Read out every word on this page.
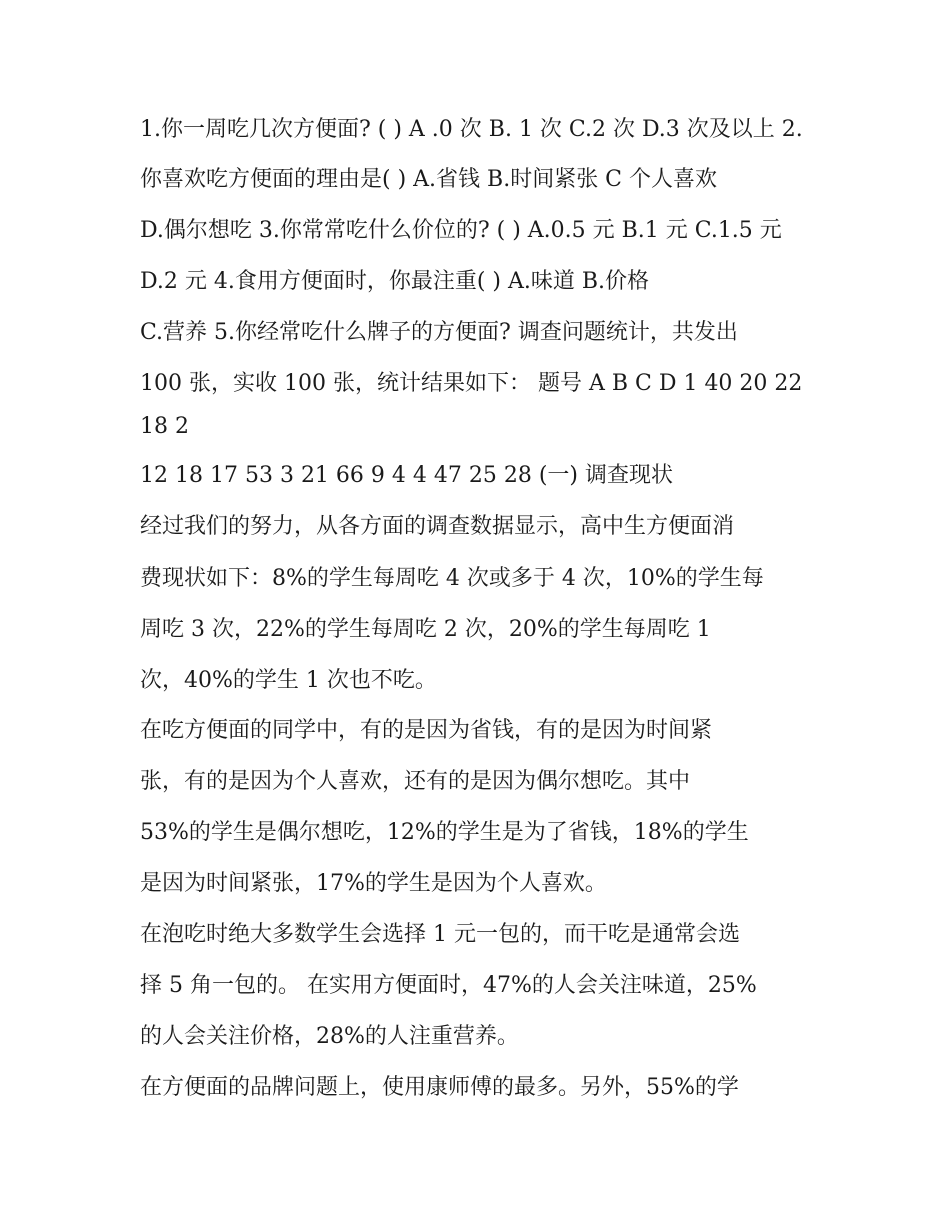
1.你一周吃几次方便面? ( ) A .0 次 B. 1 次 C.2 次 D.3 次及以上 2.
你喜欢吃方便面的理由是( ) A.省钱 B.时间紧张 C 个人喜欢
D.偶尔想吃 3.你常常吃什么价位的? ( ) A.0.5 元 B.1 元 C.1.5 元
D.2 元 4.食用方便面时，你最注重( ) A.味道 B.价格
C.营养 5.你经常吃什么牌子的方便面? 调查问题统计，共发出
100 张，实收 100 张，统计结果如下： 题号 A B C D 1 40 20 22
18 2
12 18 17 53 3 21 66 9 4 4 47 25 28 (一) 调查现状
经过我们的努力，从各方面的调查数据显示，高中生方便面消
费现状如下：8%的学生每周吃 4 次或多于 4 次，10%的学生每
周吃 3 次，22%的学生每周吃 2 次，20%的学生每周吃 1
次，40%的学生 1 次也不吃。
在吃方便面的同学中，有的是因为省钱，有的是因为时间紧
张，有的是因为个人喜欢，还有的是因为偶尔想吃。其中
53%的学生是偶尔想吃，12%的学生是为了省钱，18%的学生
是因为时间紧张，17%的学生是因为个人喜欢。
在泡吃时绝大多数学生会选择 1 元一包的，而干吃是通常会选
择 5 角一包的。 在实用方便面时，47%的人会关注味道，25%
的人会关注价格，28%的人注重营养。
在方便面的品牌问题上，使用康师傅的最多。另外，55%的学
